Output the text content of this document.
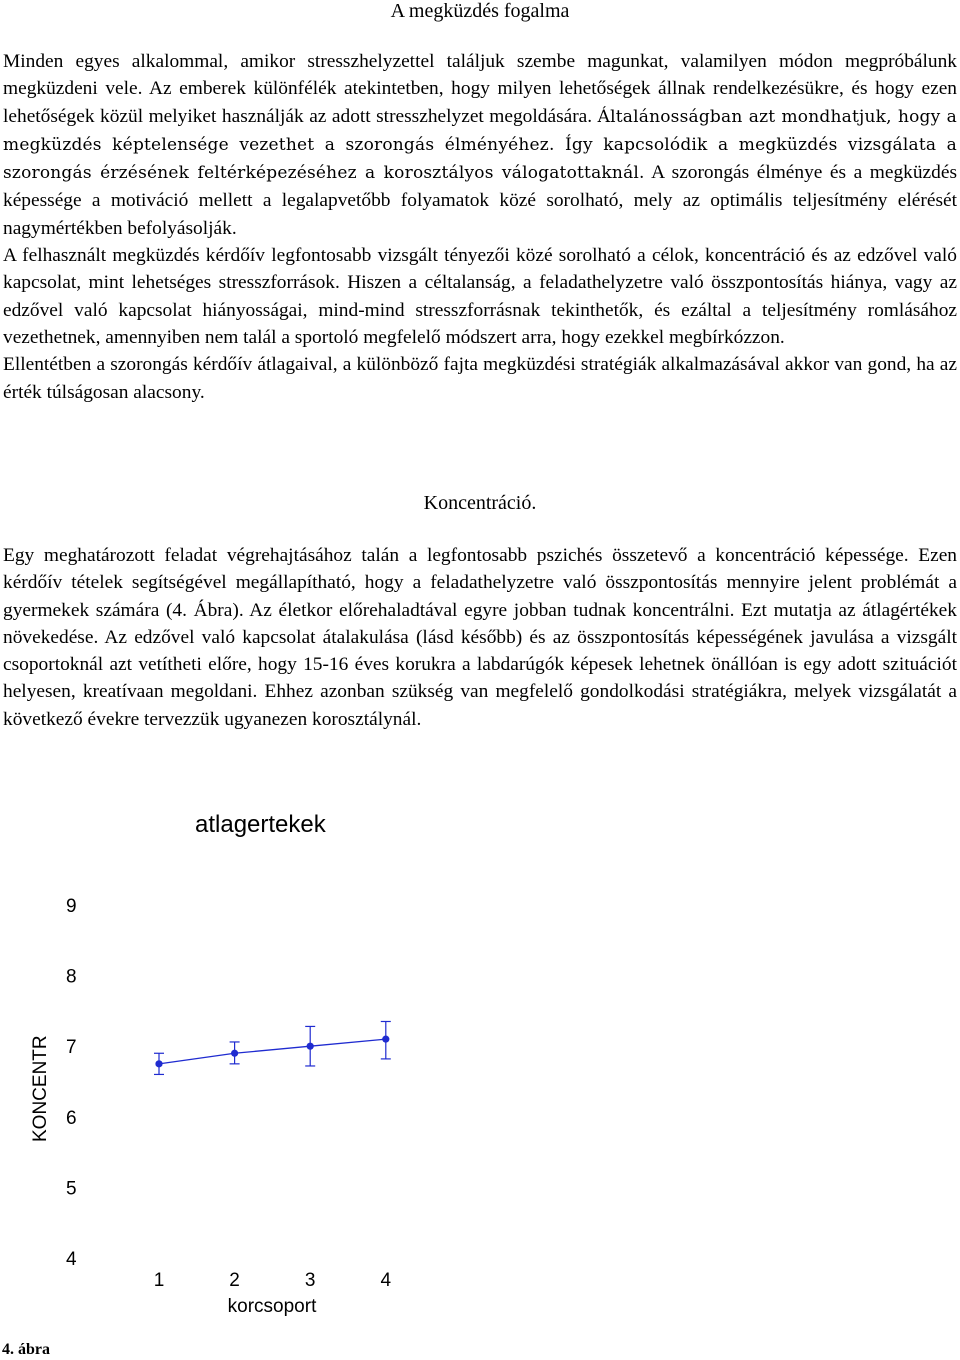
A megküzdés fogalma
Minden egyes alkalommal, amikor stresszhelyzettel találjuk szembe magunkat, valamilyen módon megpróbálunk megküzdeni vele. Az emberek különfélék atekintetben, hogy milyen lehetőségek állnak rendelkezésükre, és hogy ezen lehetőségek közül melyiket használják az adott stresszhelyzet megoldására. Általánosságban azt mondhatjuk, hogy a megküzdés képtelensége vezethet a szorongás élményéhez. Így kapcsolódik a megküzdés vizsgálata a szorongás érzésének feltérképezéséhez a korosztályos válogatottaknál. A szorongás élménye és a megküzdés képessége a motiváció mellett a legalapvetőbb folyamatok közé sorolható, mely az optimális teljesítmény elérését nagymértékben befolyásolják.
A felhasznált megküzdés kérdőív legfontosabb vizsgált tényezői közé sorolható a célok, koncentráció és az edzővel való kapcsolat, mint lehetséges stresszforrások. Hiszen a céltalanság, a feladathelyzetre való összpontosítás hiánya, vagy az edzővel való kapcsolat hiányosságai, mind-mind stresszforrásnak tekinthetők, és ezáltal a teljesítmény romlásához vezethetnek, amennyiben nem talál a sportoló megfelelő módszert arra, hogy ezekkel megbírkózzon.
Ellentétben a szorongás kérdőív átlagaival, a különböző fajta megküzdési stratégiák alkalmazásával akkor van gond, ha az érték túlságosan alacsony.
Koncentráció.
Egy meghatározott feladat végrehajtásához talán a legfontosabb pszichés összetevő a koncentráció képessége. Ezen kérdőív tételek segítségével megállapítható, hogy a feladathelyzetre való összpontosítás mennyire jelent problémát a gyermekek számára (4. Ábra). Az életkor előrehaladtával egyre jobban tudnak koncentrálni. Ezt mutatja az átlagértékek növekedése. Az edzővel való kapcsolat átalakulása (lásd később) és az összpontosítás képességének javulása a vizsgált csoportoknál azt vetítheti előre, hogy 15-16 éves korukra a labdarúgók képesek lehetnek önállóan is egy adott szituációt helyesen, kreatívaan megoldani. Ehhez azonban szükség van megfelelő gondolkodási stratégiákra, melyek vizsgálatát a következő évekre tervezzük ugyanezen korosztálynál.
atlagertekek
KONCENTR
korcsoport
4
5
6
7
8
9
1	2	3	4
4. ábra
